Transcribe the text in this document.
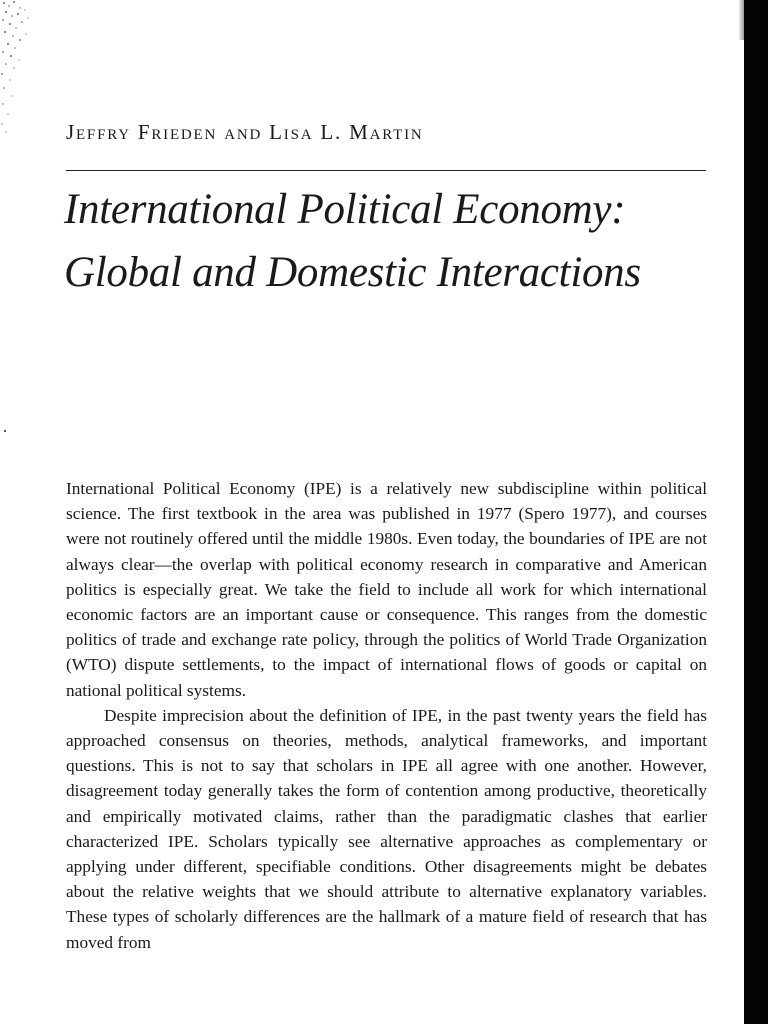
Jeffry Frieden and Lisa L. Martin
International Political Economy:
Global and Domestic Interactions

International Political Economy (IPE) is a relatively new subdiscipline within political science. The first textbook in the area was published in 1977 (Spero 1977), and courses were not routinely offered until the middle 1980s. Even today, the boundaries of IPE are not always clear—the overlap with political economy research in comparative and American politics is especially great. We take the field to include all work for which international economic factors are an important cause or consequence. This ranges from the domestic politics of trade and exchange rate policy, through the politics of World Trade Organization (WTO) dispute settlements, to the impact of international flows of goods or capital on national political systems.

Despite imprecision about the definition of IPE, in the past twenty years the field has approached consensus on theories, methods, analytical frameworks, and important questions. This is not to say that scholars in IPE all agree with one another. However, disagreement today generally takes the form of contention among productive, theoretically and empirically motivated claims, rather than the paradigmatic clashes that earlier characterized IPE. Scholars typically see alternative approaches as complementary or applying under different, specifiable conditions. Other disagreements might be debates about the relative weights that we should attribute to alternative explanatory variables. These types of scholarly differences are the hallmark of a mature field of research that has moved from
